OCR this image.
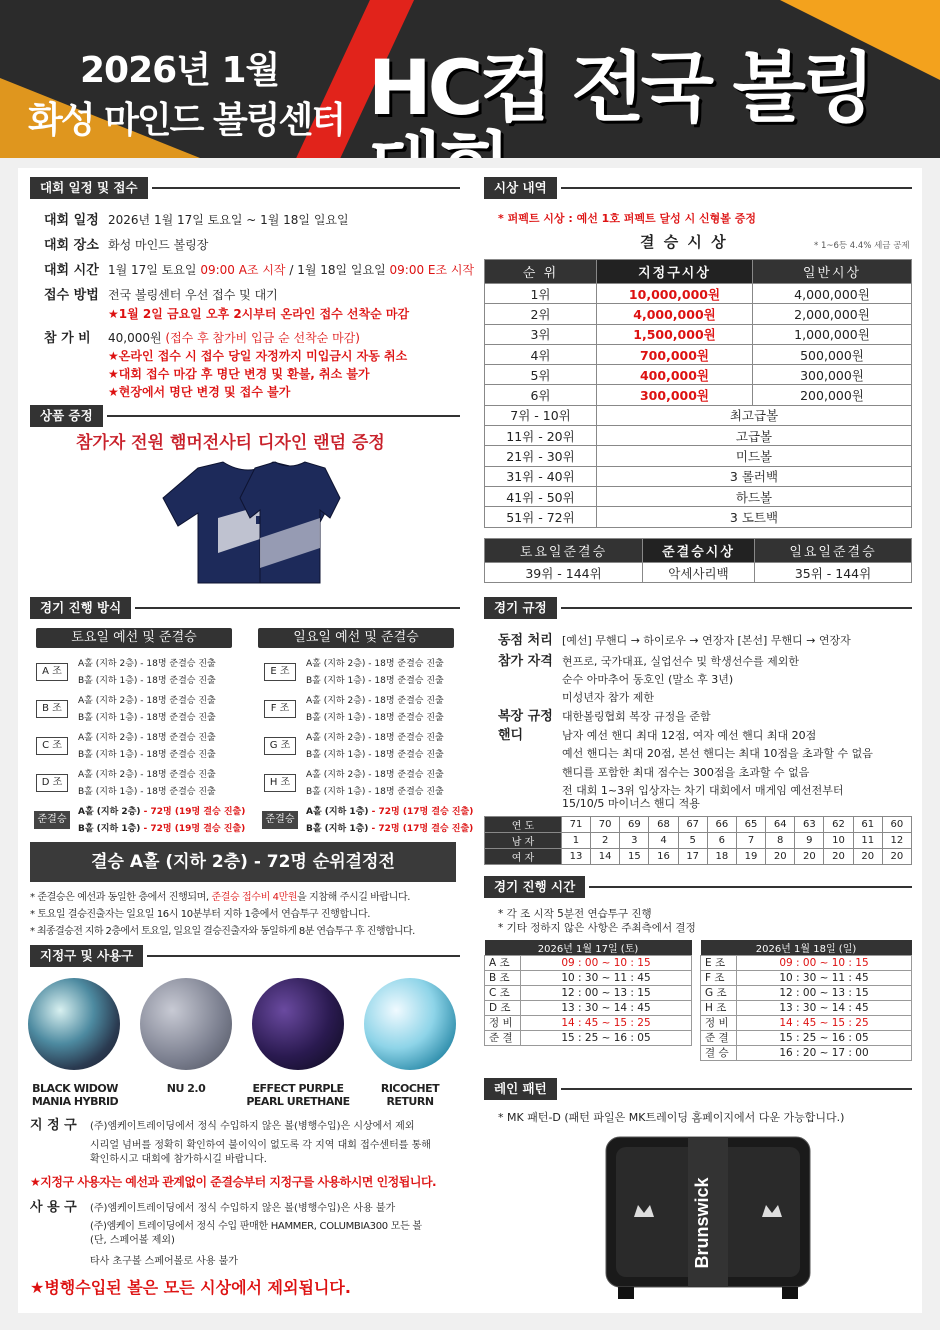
2026년 1월
화성 마인드 볼링센터 HC컵 전국 볼링
대회 일정 및 접수
대회 일정 2026년 1월 17일 토요일 ~ 1월 18일 일요일
대회 장소 화성 마인드 볼링장
대회 시간 1월 17일 토요일 09:00 A조 시작 / 1월 18일 일요일 09:00 E조 시작
접수 방법 전국 볼링센터 우선 접수 및 대기
★1월 2일 금요일 오후 2시부터 온라인 접수 선착순 마감
참 가 비 40,000원 (접수 후 참가비 입금 순 선착순 마감)
★온라인 접수 시 접수 당일 자정까지 미입금시 자동 취소
★대회 접수 마감 후 명단 변경 및 환불, 취소 불가
★현장에서 명단 변경 및 접수 불가
상품 증정
참가자 전원 햄머전사티 디자인 랜덤 증정
경기 진행 방식
토요일 예선 및 준결승	일요일 예선 및 준결승
A 조
A홀 (지하 2층) - 18명 준결승 진출
B홀 (지하 1층) - 18명 준결승 진출
B 조
A홀 (지하 2층) - 18명 준결승 진출
B홀 (지하 1층) - 18명 준결승 진출
C 조
A홀 (지하 2층) - 18명 준결승 진출
B홀 (지하 1층) - 18명 준결승 진출
D 조
A홀 (지하 2층) - 18명 준결승 진출
B홀 (지하 1층) - 18명 준결승 진출
준결승
A홀 (지하 2층) - 72명 (19명 결승 진출)
B홀 (지하 1층) - 72명 (19명 결승 진출)
E 조
A홀 (지하 2층) - 18명 준결승 진출
B홀 (지하 1층) - 18명 준결승 진출
F 조
A홀 (지하 2층) - 18명 준결승 진출
B홀 (지하 1층) - 18명 준결승 진출
G 조
A홀 (지하 2층) - 18명 준결승 진출
B홀 (지하 1층) - 18명 준결승 진출
H 조
A홀 (지하 2층) - 18명 준결승 진출
B홀 (지하 1층) - 18명 준결승 진출
준결승
A홀 (지하 1층) - 72명 (17명 결승 진출)
B홀 (지하 1층) - 72명 (17명 결승 진출)
결승 A홀 (지하 2층) - 72명 순위결정전
* 준결승은 예선과 동일한 층에서 진행되며, 준결승 접수비 4만원을 지참해 주시길 바랍니다.
* 토요일 결승진출자는 일요일 16시 10분부터 지하 1층에서 연습투구 진행합니다.
* 최종결승전 지하 2층에서 토요일, 일요일 결승진출자와 동일하게 8분 연습투구 후 진행합니다.
지정구 및 사용구
BLACK WIDOW
MANIA HYBRID
NU 2.0	EFFECT PURPLE
PEARL URETHANE
RICOCHET
RETURN
지 정 구 (주)엠케이트레이딩에서 정식 수입하지 않은 볼(병행수입)은 시상에서 제외
시리얼 넘버를 정확히 확인하여 불이익이 없도록 각 지역 대회 접수센터를 통해
확인하시고 대회에 참가하시길 바랍니다.
★지정구 사용자는 예선과 관계없이 준결승부터 지정구를 사용하시면 인정됩니다.
사 용 구 (주)엠케이트레이딩에서 정식 수입하지 않은 볼(병행수입)은 사용 불가
(주)엠케이 트레이딩에서 정식 수입 판매한 HAMMER, COLUMBIA300 모든 볼
(단, 스페어볼 제외)
타사 초구볼 스페어볼로 사용 불가
★병행수입된 볼은 모든 시상에서 제외됩니다.
시상 내역
* 퍼펙트 시상 : 예선 1호 퍼펙트 달성 시 신형볼 증정
결 승 시 상	* 1~6등 4.4% 세금 공제
순 위	지정구시상	일반시상
1위	10,000,000원	4,000,000원
2위	4,000,000원	2,000,000원
3위	1,500,000원	1,000,000원
4위	700,000원	500,000원
5위	400,000원	300,000원
6위	300,000원	200,000원
7위 - 10위	최고급볼	
11위 - 20위	고급볼	
21위 - 30위	미드볼	
31위 - 40위	3 롤러백	
41위 - 50위	하드볼	
51위 - 72위	3 도트백	
토요일준결승	준결승시상	일요일준결승
39위 - 144위	악세사리백	35위 - 144위
경기 규정
동점 처리 [예선] 무핸디 → 하이로우 → 연장자 [본선] 무핸디 → 연장자
참가 자격 현프로, 국가대표, 실업선수 및 학생선수를 제외한
순수 아마추어 동호인 (말소 후 3년)
미성년자 참가 제한
복장 규정 대한볼링협회 복장 규정을 준함
핸디	남자 예선 핸디 최대 12점, 여자 예선 핸디 최대 20점
예선 핸디는 최대 20점, 본선 핸디는 최대 10점을 초과할 수 없음
핸디를 포함한 최대 점수는 300점을 초과할 수 없음
전 대회 1~3위 입상자는 차기 대회에서 매게임 예선전부터
15/10/5 마이너스 핸디 적용
연 도	71	70	69	68	67	66	65	64	63	62	61	60
남 자	1	2	3	4	5	6	7	8	9	10	11	12
여 자	13	14	15	16	17	18	19	20	20	20	20	20
경기 진행 시간
* 각 조 시작 5분전 연습투구 진행
* 기타 정하지 않은 사항은 주최측에서 결정
2026년 1월 17일 (토)	
A 조	09 : 00 ~ 10 : 15
B 조	10 : 30 ~ 11 : 45
C 조	12 : 00 ~ 13 : 15
D 조	13 : 30 ~ 14 : 45
정 비	14 : 45 ~ 15 : 25
준 결	15 : 25 ~ 16 : 05
2026년 1월 18일 (일)	
E 조	09 : 00 ~ 10 : 15
F 조	10 : 30 ~ 11 : 45
G 조	12 : 00 ~ 13 : 15
H 조	13 : 30 ~ 14 : 45
정 비	14 : 45 ~ 15 : 25
준 결	15 : 25 ~ 16 : 05
결 승	16 : 20 ~ 17 : 00
레인 패턴
* MK 패턴-D (패턴 파일은 MK트레이딩 홈페이지에서 다운 가능합니다.)
Brunswick
